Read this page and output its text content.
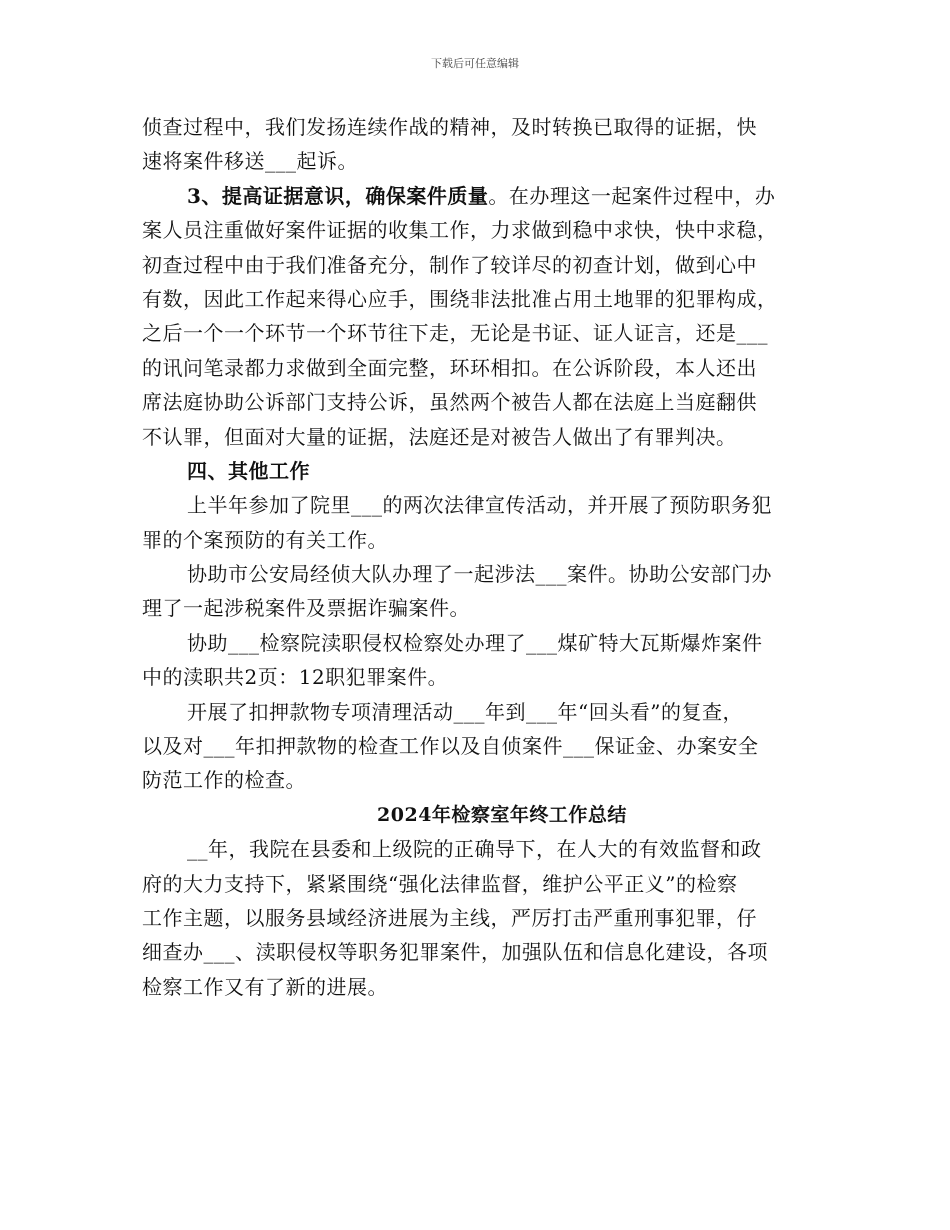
下载后可任意编辑
侦查过程中，我们发扬连续作战的精神，及时转换已取得的证据，快
速将案件移送___起诉。
3、提高证据意识，确保案件质量。在办理这一起案件过程中，办
案人员注重做好案件证据的收集工作，力求做到稳中求快，快中求稳，
初查过程中由于我们准备充分，制作了较详尽的初查计划，做到心中
有数，因此工作起来得心应手，围绕非法批准占用土地罪的犯罪构成，
之后一个一个环节一个环节往下走，无论是书证、证人证言，还是___
的讯问笔录都力求做到全面完整，环环相扣。在公诉阶段，本人还出
席法庭协助公诉部门支持公诉，虽然两个被告人都在法庭上当庭翻供
不认罪，但面对大量的证据，法庭还是对被告人做出了有罪判决。
四、其他工作
上半年参加了院里___的两次法律宣传活动，并开展了预防职务犯
罪的个案预防的有关工作。
协助市公安局经侦大队办理了一起涉法___案件。协助公安部门办
理了一起涉税案件及票据诈骗案件。
协助___检察院渎职侵权检察处办理了___煤矿特大瓦斯爆炸案件
中的渎职共2页：12职犯罪案件。
开展了扣押款物专项清理活动___年到___年“回头看”的复查，
以及对___年扣押款物的检查工作以及自侦案件___保证金、办案安全
防范工作的检查。
2024年检察室年终工作总结
__年，我院在县委和上级院的正确导下，在人大的有效监督和政
府的大力支持下，紧紧围绕“强化法律监督，维护公平正义”的检察
工作主题，以服务县域经济进展为主线，严厉打击严重刑事犯罪，仔
细查办___、渎职侵权等职务犯罪案件，加强队伍和信息化建设，各项
检察工作又有了新的进展。
